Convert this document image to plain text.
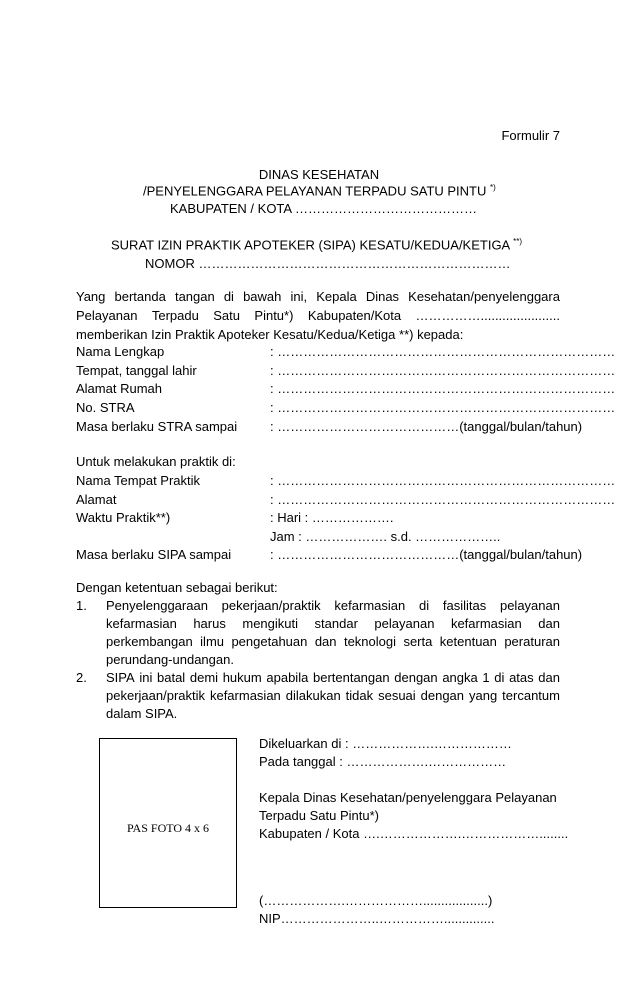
Formulir 7
DINAS KESEHATAN
/PENYELENGGARA PELAYANAN TERPADU SATU PINTU *)
KABUPATEN / KOTA ……………………………………
SURAT IZIN PRAKTIK APOTEKER (SIPA) KESATU/KEDUA/KETIGA **)
NOMOR ………………………………………………………………
Yang bertanda tangan di bawah ini, Kepala Dinas Kesehatan/penyelenggara
Pelayanan Terpadu Satu Pintu*) Kabupaten/Kota ……………......................
memberikan Izin Praktik Apoteker Kesatu/Kedua/Ketiga **) kepada:
Nama Lengkap	: ……………………………………………………………………
Tempat, tanggal lahir	: ……………………………………………………………………
Alamat Rumah	: ……………………………………………………………………
No. STRA	: ……………………………………………………………………
Masa berlaku STRA sampai	: ……………………………………(tanggal/bulan/tahun)
Untuk melakukan praktik di:
Nama Tempat Praktik	: ……………………………………………………………………
Alamat	: ……………………………………………………………………
Waktu Praktik**)	: Hari : ……………….
Jam : ………………. s.d. ………………..
Masa berlaku SIPA sampai	: ……………………………………(tanggal/bulan/tahun)
Dengan ketentuan sebagai berikut:
1. Penyelenggaraan pekerjaan/praktik kefarmasian di fasilitas pelayanan
kefarmasian harus mengikuti standar pelayanan kefarmasian dan
perkembangan ilmu pengetahuan dan teknologi serta ketentuan peraturan
perundang-undangan.
2. SIPA ini batal demi hukum apabila bertentangan dengan angka 1 di atas dan
pekerjaan/praktik kefarmasian dilakukan tidak sesuai dengan yang tercantum
dalam SIPA.
PAS FOTO 4 x 6
Dikeluarkan di : ……………….………………
Pada tanggal : ……………….………………
Kepala Dinas Kesehatan/penyelenggara Pelayanan
Terpadu Satu Pintu*)
Kabupaten / Kota ….……………….………………........
(……………….………………..................)
NIP…………………..……………..............
